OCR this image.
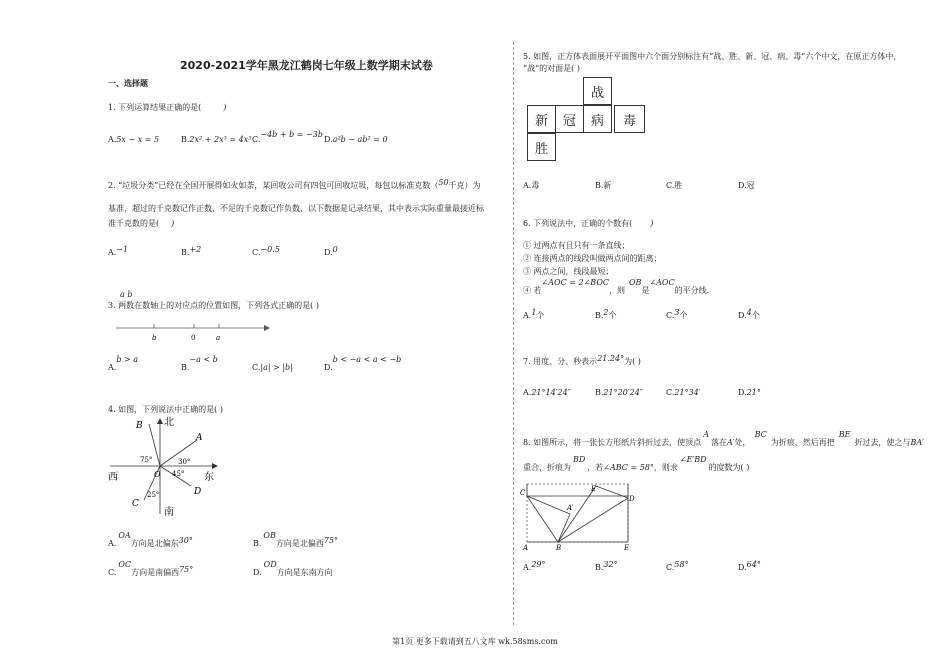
2020-2021学年黑龙江鹤岗七年级上数学期末试卷
一、选择题
1. 下列运算结果正确的是(	)
A.5x − x = 5	B.2x² + 2x³ = 4x⁵ C.−4b + b = −3b
D.a²b − ab² = 0
2. “垃圾分类”已经在全国开展得如火如荼，某回收公司有四包可回收垃圾，每包以标准克数（50千克）为
基准，超过的千克数记作正数，不足的千克数记作负数，以下数据是记录结果，其中表示实际重量最接近标
准千克数的是( )
A.−1	B.+2	C.−0.5	D.0
a b
3. 两数在数轴上的对应点的位置如图，下列各式正确的是( )
b	0	a
A.b > a
B.−a < b
C.|a| > |b|	D.b < −a < a < −b
4. 如图，下列说法中正确的是( )
北
南
东
西
B
A
C
D
O
75°	30°
45°
25°
A.OA方向是北偏东30°	B.OB方向是北偏西75°
C.OC方向是南偏西75°	D.OD方向是东南方向
5. 如图，正方体表面展开平面图中六个面分别标注有“战、胜、新、冠、病、毒”六个中文，在原正方体中，
“战”的对面是( )
战
新	冠	病	毒
胜
A.毒	B.新	C.胜	D.冠
6. 下列说法中，正确的个数有( )
① 过两点有且只有一条直线；
② 连接两点的线段叫做两点间的距离；
③ 两点之间，线段最短；
④ 若∠AOC = 2∠BOC，则OB是∠AOC的平分线.
A.1个	B.2个	C.3个	D.4个
7. 用度、分、秒表示21.24°为( )
A.21°14′24″	B.21°20′24″	C.21°34′	D.21°
8. 如图所示，将一张长方形纸片斜折过去，使顶点A落在A′处，BC为折痕，然后再把BE折过去，使之与BA′
重合，折痕为BD，若∠ABC = 58°，则求∠E′BD的度数为( )
C
D
E′
A′
A	B	E
A.29°	B.32°	C.58°	D.64°
第1页 更多下载请到五八文库 wk.58sms.com
